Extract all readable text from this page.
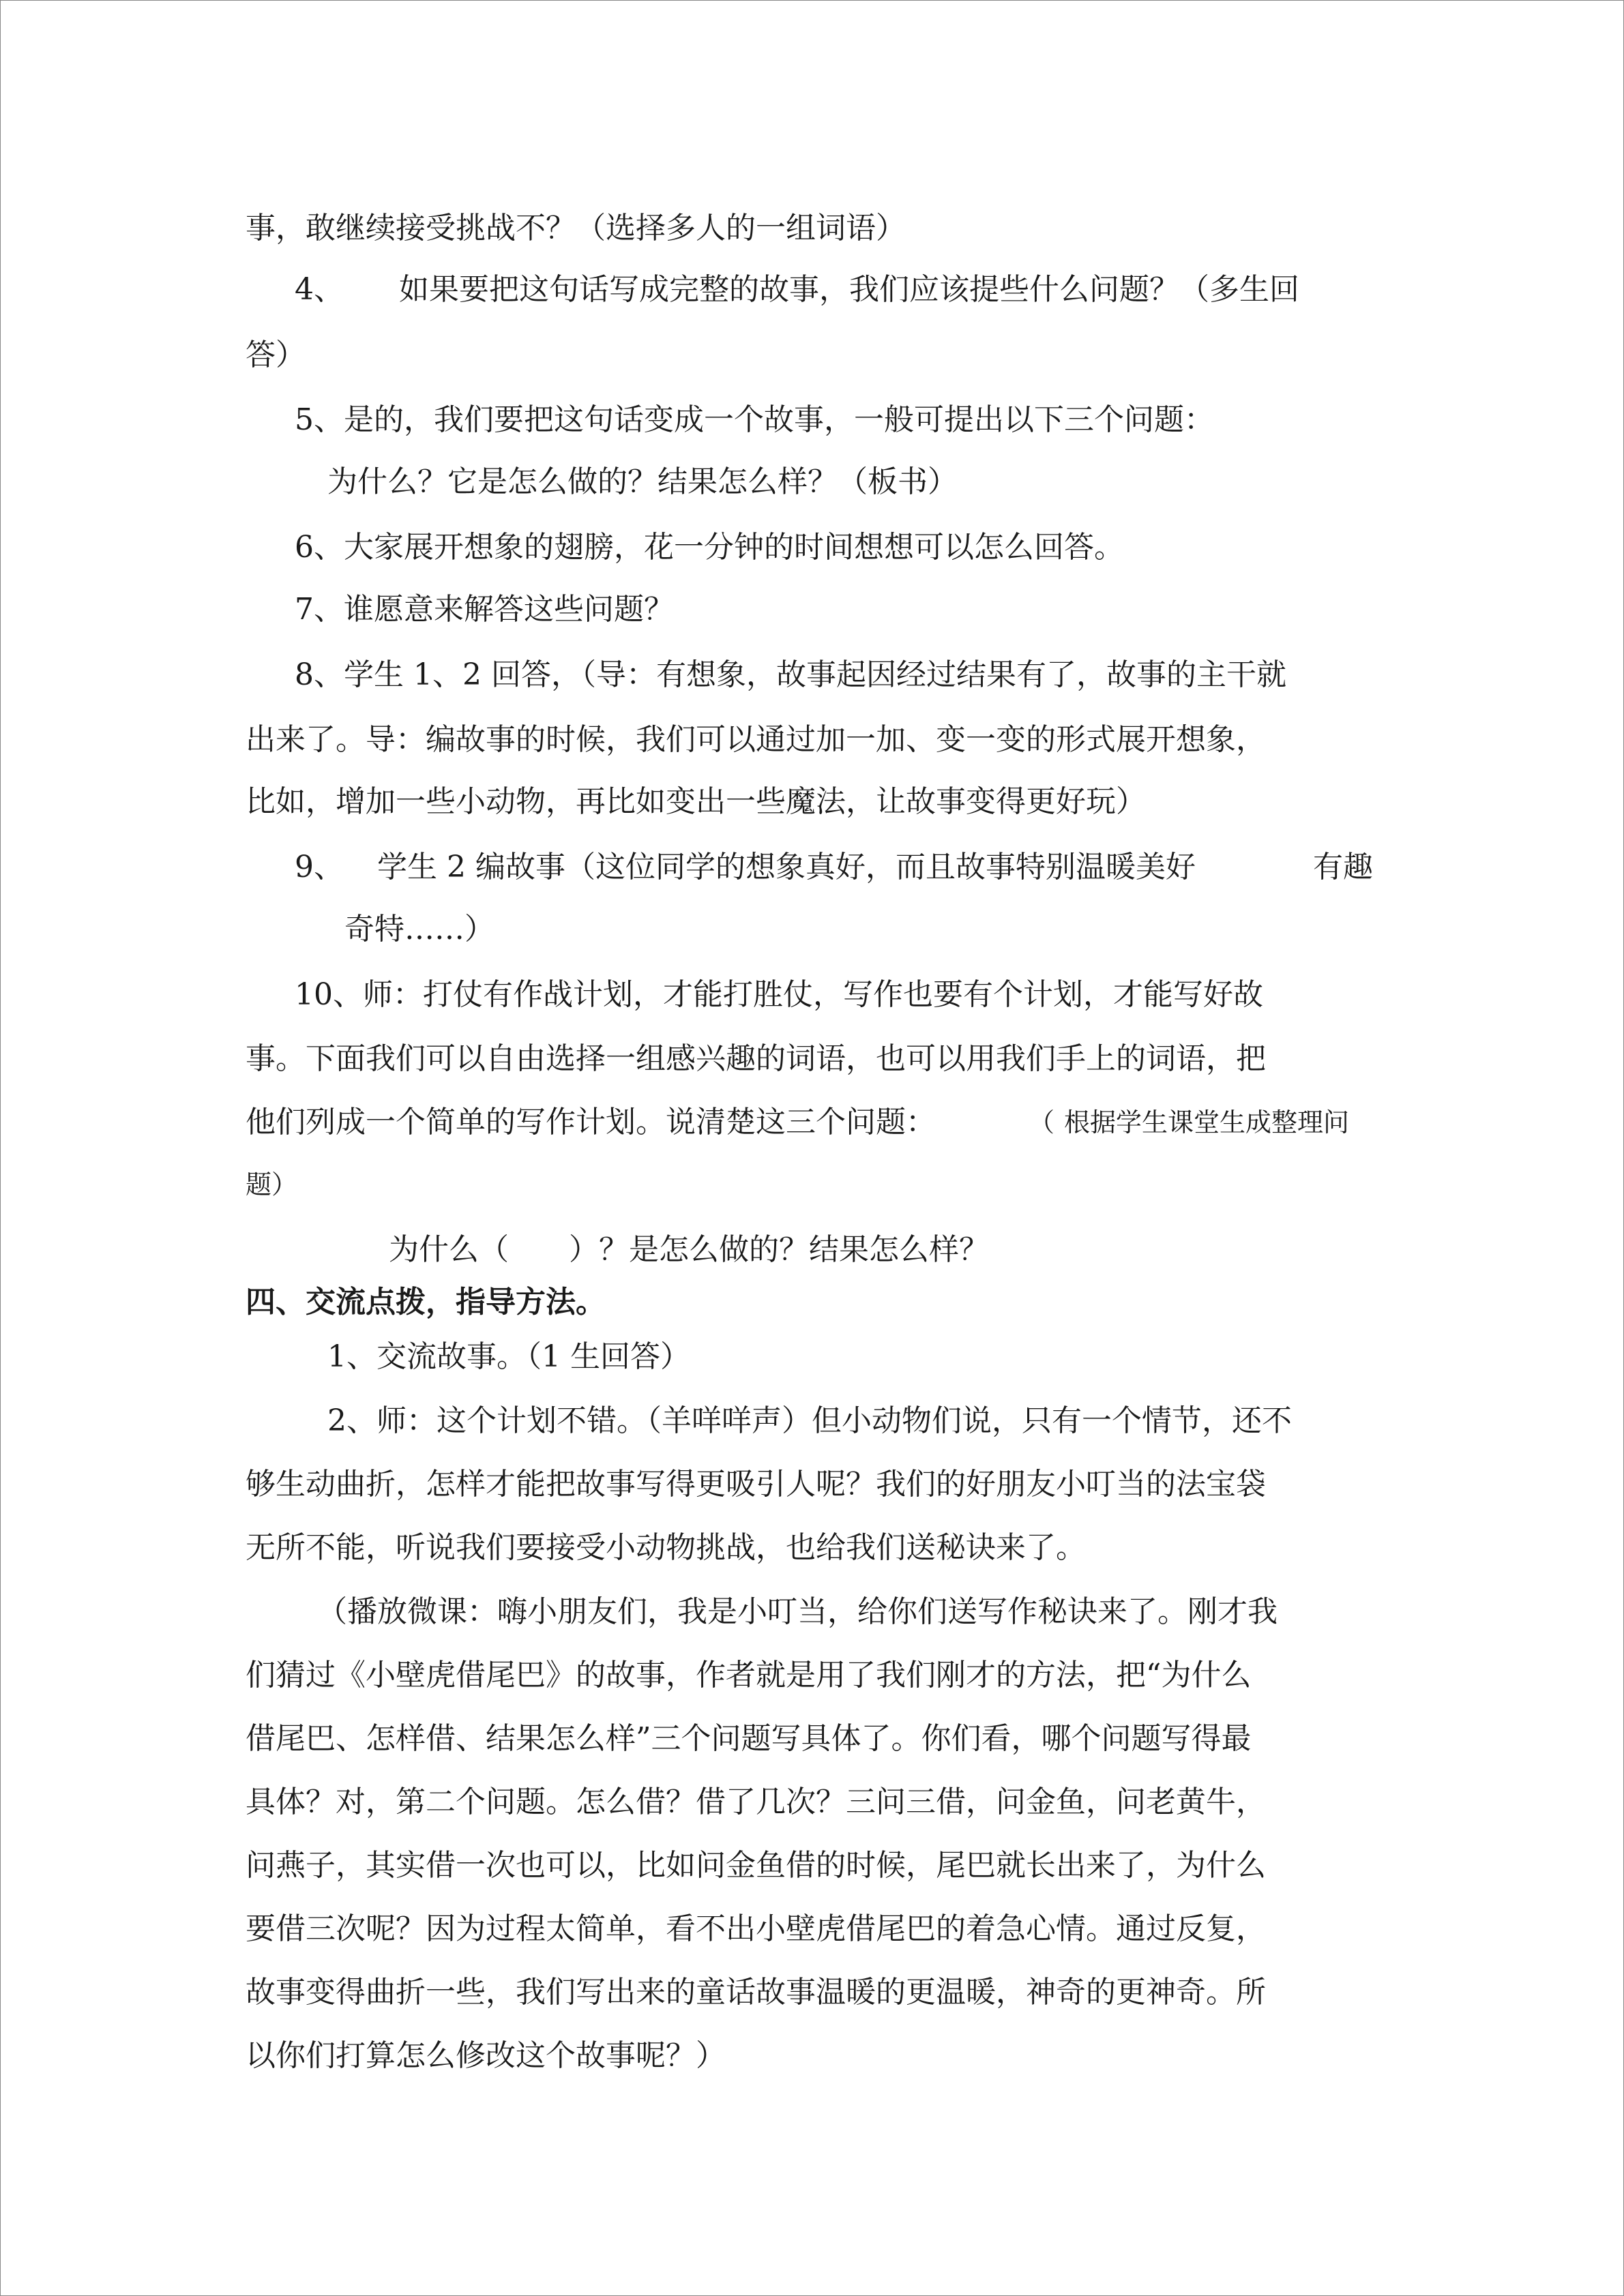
事，敢继续接受挑战不？（选择多人的一组词语）
4、 如果要把这句话写成完整的故事，我们应该提些什么问题？（多生回
答）
5、是的，我们要把这句话变成一个故事，一般可提出以下三个问题：
为什么？它是怎么做的？结果怎么样？（板书）
6、大家展开想象的翅膀，花一分钟的时间想想可以怎么回答。
7、谁愿意来解答这些问题？
8、学生 1、2 回答，（导：有想象，故事起因经过结果有了，故事的主干就
出来了。导：编故事的时候，我们可以通过加一加、变一变的形式展开想象，
比如，增加一些小动物，再比如变出一些魔法，让故事变得更好玩）
9、 学生 2 编故事（这位同学的想象真好，而且故事特别温暖美好	有趣
奇特……）
10、师：打仗有作战计划，才能打胜仗，写作也要有个计划，才能写好故
事。下面我们可以自由选择一组感兴趣的词语，也可以用我们手上的词语，把
他们列成一个简单的写作计划。说清楚这三个问题：	（ 根据学生课堂生成整理问
题）
为什么（　　）？是怎么做的？结果怎么样？
四、交流点拨，指导方法。
1、交流故事。（1 生回答）
2、师：这个计划不错。（羊咩咩声）但小动物们说，只有一个情节，还不
够生动曲折，怎样才能把故事写得更吸引人呢？我们的好朋友小叮当的法宝袋
无所不能，听说我们要接受小动物挑战，也给我们送秘诀来了。
（播放微课：嗨小朋友们，我是小叮当，给你们送写作秘诀来了。刚才我
们猜过《小壁虎借尾巴》的故事，作者就是用了我们刚才的方法，把“为什么
借尾巴、怎样借、结果怎么样”三个问题写具体了。你们看，哪个问题写得最
具体？对，第二个问题。怎么借？借了几次？三问三借，问金鱼，问老黄牛，
问燕子，其实借一次也可以，比如问金鱼借的时候，尾巴就长出来了，为什么
要借三次呢？因为过程太简单，看不出小壁虎借尾巴的着急心情。通过反复，
故事变得曲折一些，我们写出来的童话故事温暖的更温暖，神奇的更神奇。所
以你们打算怎么修改这个故事呢？）
